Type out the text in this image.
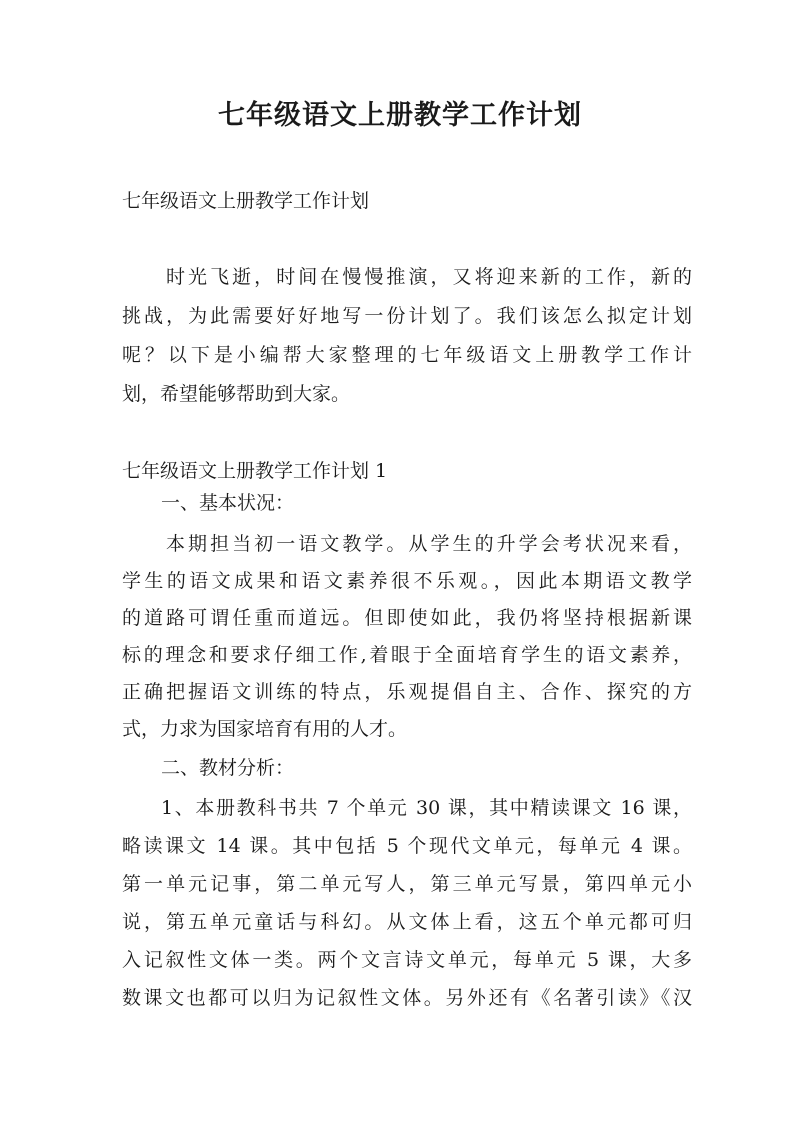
七年级语文上册教学工作计划

七年级语文上册教学工作计划

时光飞逝，时间在慢慢推演，又将迎来新的工作，新的

挑战，为此需要好好地写一份计划了。我们该怎么拟定计划

呢？以下是小编帮大家整理的七年级语文上册教学工作计

划，希望能够帮助到大家。

七年级语文上册教学工作计划 1

一、基本状况：

本期担当初一语文教学。从学生的升学会考状况来看，

学生的语文成果和语文素养很不乐观。，因此本期语文教学

的道路可谓任重而道远。但即使如此，我仍将坚持根据新课

标的理念和要求仔细工作,着眼于全面培育学生的语文素养，

正确把握语文训练的特点，乐观提倡自主、合作、探究的方

式，力求为国家培育有用的人才。

二、教材分析：

1、本册教科书共 7 个单元 30 课，其中精读课文 16 课，

略读课文 14 课。其中包括 5 个现代文单元，每单元 4 课。

第一单元记事，第二单元写人，第三单元写景，第四单元小

说，第五单元童话与科幻。从文体上看，这五个单元都可归

入记叙性文体一类。两个文言诗文单元，每单元 5 课，大多

数课文也都可以归为记叙性文体。另外还有《名著引读》《汉
